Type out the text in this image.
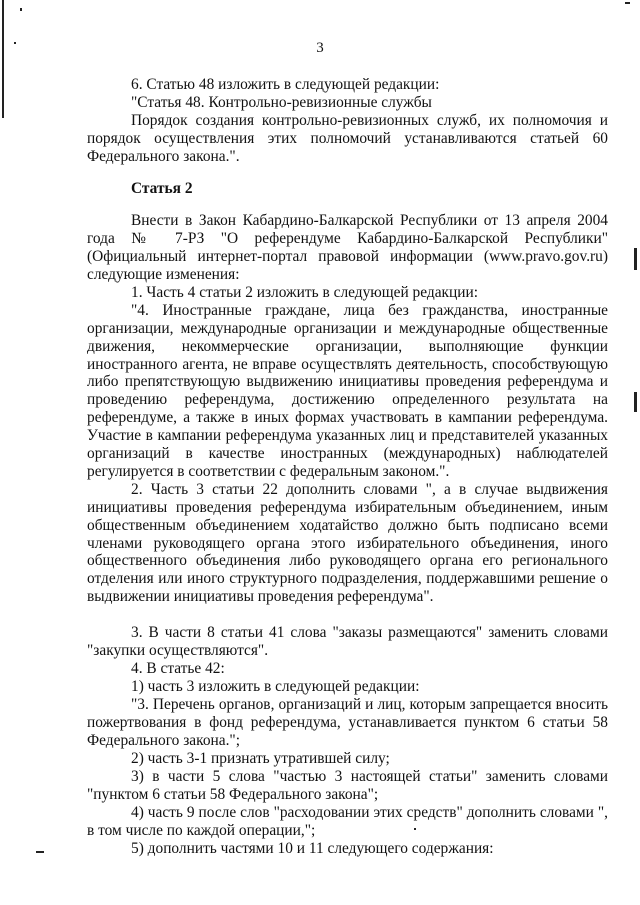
3

6. Статью 48 изложить в следующей редакции:

"Статья 48. Контрольно-ревизионные службы

Порядок создания контрольно-ревизионных служб, их полномочия и порядок осуществления этих полномочий устанавливаются статьей 60 Федерального закона.".

Статья 2

Внести в Закон Кабардино-Балкарской Республики от 13 апреля 2004 года № 7-РЗ "О референдуме Кабардино-Балкарской Республики" (Официальный интернет-портал правовой информации (www.pravo.gov.ru) следующие изменения:

1. Часть 4 статьи 2 изложить в следующей редакции:

"4. Иностранные граждане, лица без гражданства, иностранные организации, международные организации и международные общественные движения, некоммерческие организации, выполняющие функции иностранного агента, не вправе осуществлять деятельность, способствующую либо препятствующую выдвижению инициативы проведения референдума и проведению референдума, достижению определенного результата на референдуме, а также в иных формах участвовать в кампании референдума. Участие в кампании референдума указанных лиц и представителей указанных организаций в качестве иностранных (международных) наблюдателей регулируется в соответствии с федеральным законом.".

2. Часть 3 статьи 22 дополнить словами ", а в случае выдвижения инициативы проведения референдума избирательным объединением, иным общественным объединением ходатайство должно быть подписано всеми членами руководящего органа этого избирательного объединения, иного общественного объединения либо руководящего органа его регионального отделения или иного структурного подразделения, поддержавшими решение о выдвижении инициативы проведения референдума".

3. В части 8 статьи 41 слова "заказы размещаются" заменить словами "закупки осуществляются".

4. В статье 42:

1) часть 3 изложить в следующей редакции:

"3. Перечень органов, организаций и лиц, которым запрещается вносить пожертвования в фонд референдума, устанавливается пунктом 6 статьи 58 Федерального закона.";

2) часть 3-1 признать утратившей силу;

3) в части 5 слова "частью 3 настоящей статьи" заменить словами "пунктом 6 статьи 58 Федерального закона";

4) часть 9 после слов "расходовании этих средств" дополнить словами ", в том числе по каждой операции,";

5) дополнить частями 10 и 11 следующего содержания:
